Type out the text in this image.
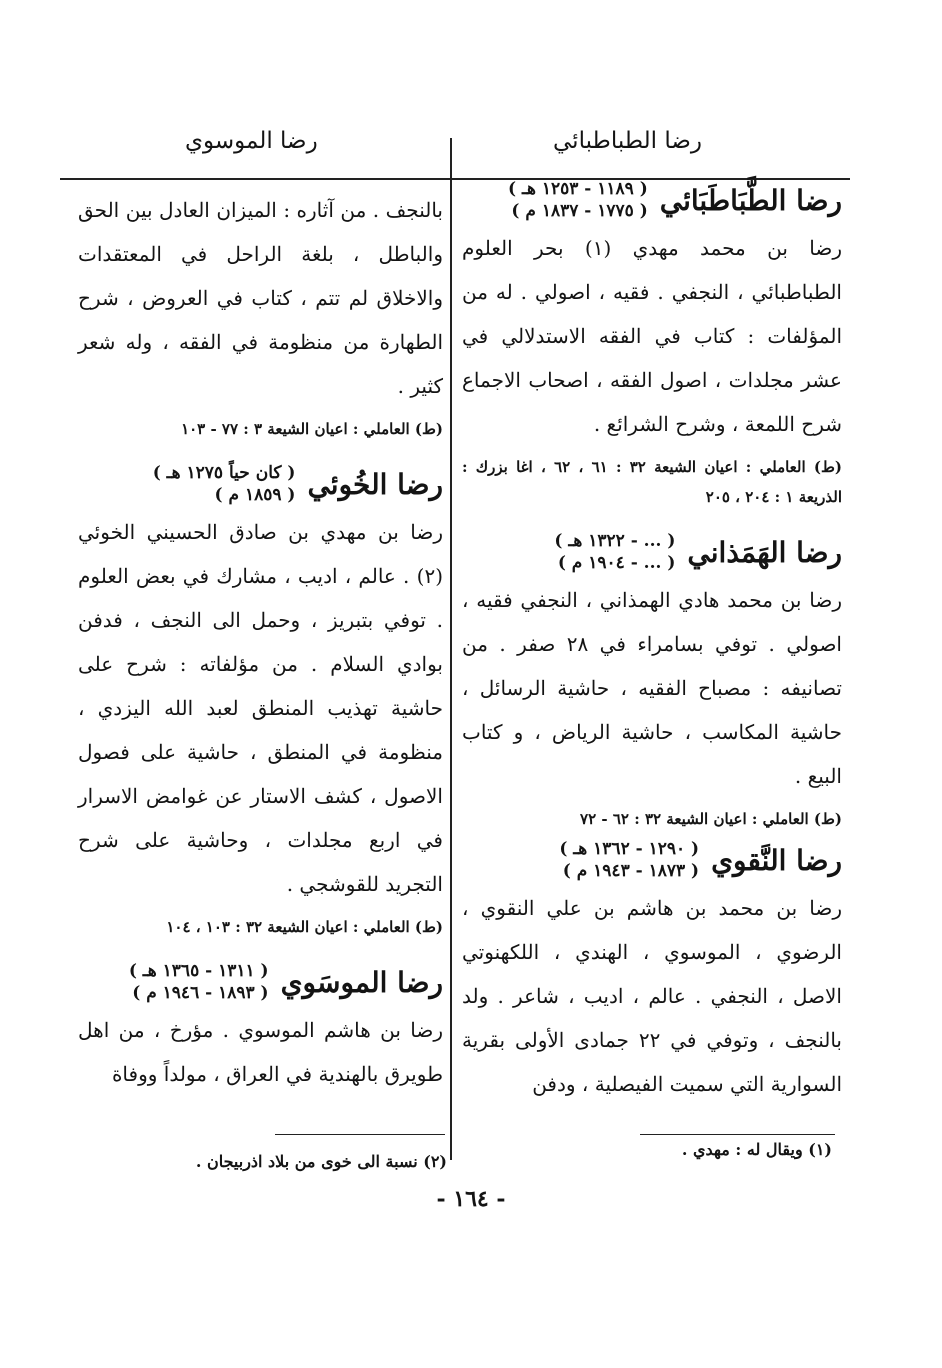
رضا الطباطبائي
رضا الموسوي
رضا الطَّبَاطَبَائي
( ١١٨٩ - ١٢٥٣ هـ )
( ١٧٧٥ - ١٨٣٧ م )

رضا بن محمد مهدي (١) بحر العلوم الطباطبائي ، النجفي . فقيه ، اصولي . له من المؤلفات : كتاب في الفقه الاستدلالي في عشر مجلدات ، اصول الفقه ، اصحاب الاجماع شرح اللمعة ، وشرح الشرائع .

(ط) العاملي : اعيان الشيعة ٣٢ : ٦١ ، ٦٢ ، اغا بزرك : الذريعة ١ : ٢٠٤ ، ٢٠٥

رضا الهَمَذاني
( ... - ١٣٢٢ هـ )
( ... - ١٩٠٤ م )

رضا بن محمد هادي الهمذاني ، النجفي فقيه ، اصولي . توفي بسامراء في ٢٨ صفر . من تصانيفه : مصباح الفقيه ، حاشية الرسائل ، حاشية المكاسب ، حاشية الرياض ، و كتاب البيع .

(ط) العاملي : اعيان الشيعة ٣٢ : ٦٢ - ٧٢

رضا النَّقوي
( ١٢٩٠ - ١٣٦٢ هـ )
( ١٨٧٣ - ١٩٤٣ م )

رضا بن محمد بن هاشم بن علي النقوي ، الرضوي ، الموسوي ، الهندي ، اللكهنوتي الاصل ، النجفي . عالم ، اديب ، شاعر . ولد بالنجف ، وتوفي في ٢٢ جمادى الأولى بقرية السوارية التي سميت الفيصلية ، ودفن

بالنجف . من آثاره : الميزان العادل بين الحق والباطل ، بلغة الراحل في المعتقدات والاخلاق لم تتم ، كتاب في العروض ، شرح الطهارة من منظومة في الفقه ، وله شعر كثير .

(ط) العاملي : اعيان الشيعة ٣ : ٧٧ - ١٠٣

رضا الخُوئي
( كان حياً ١٢٧٥ هـ )
( ١٨٥٩ م )

رضا بن مهدي بن صادق الحسيني الخوئي (٢) . عالم ، اديب ، مشارك في بعض العلوم . توفي بتبريز ، وحمل الى النجف ، فدفن بوادي السلام . من مؤلفاته : شرح على حاشية تهذيب المنطق لعبد الله اليزدي ، منظومة في المنطق ، حاشية على فصول الاصول ، كشف الاستار عن غوامض الاسرار في اربع مجلدات ، وحاشية على شرح التجريد للقوشجي .

(ط) العاملي : اعيان الشيعة ٣٢ : ١٠٣ ، ١٠٤

رضا الموسَوي
( ١٣١١ - ١٣٦٥ هـ )
( ١٨٩٣ - ١٩٤٦ م )

رضا بن هاشم الموسوي . مؤرخ ، من اهل طويرق بالهندية في العراق ، مولداً ووفاة

(١) ويقال له : مهدي .
(٢) نسبة الى خوى من بلاد اذربيجان .
- ١٦٤ -
